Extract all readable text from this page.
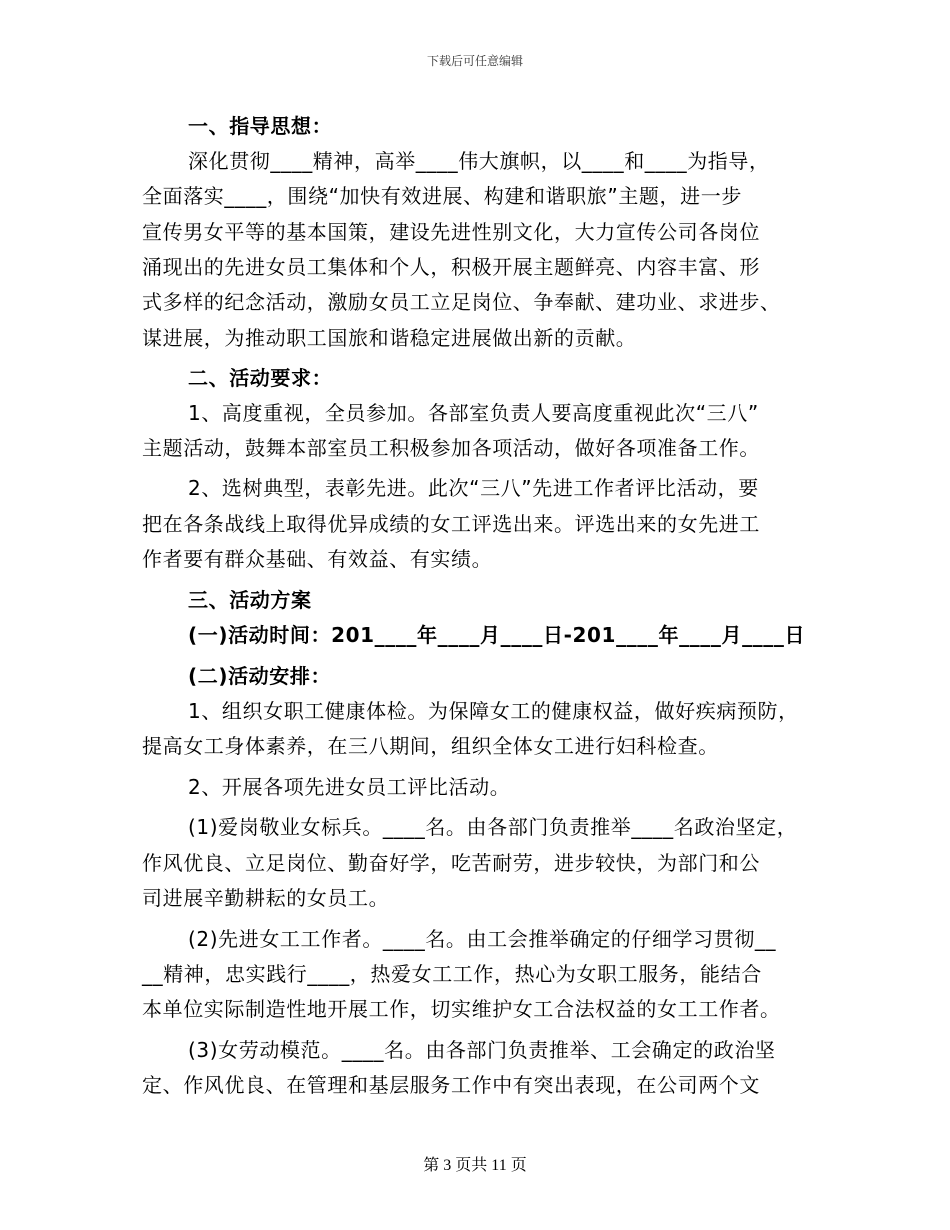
下载后可任意编辑
一、指导思想：
深化贯彻____精神，高举____伟大旗帜，以____和____为指导，
全面落实____，围绕“加快有效进展、构建和谐职旅”主题，进一步
宣传男女平等的基本国策，建设先进性别文化，大力宣传公司各岗位
涌现出的先进女员工集体和个人，积极开展主题鲜亮、内容丰富、形
式多样的纪念活动，激励女员工立足岗位、争奉献、建功业、求进步、
谋进展，为推动职工国旅和谐稳定进展做出新的贡献。
二、活动要求：
1、高度重视，全员参加。各部室负责人要高度重视此次“三八”
主题活动，鼓舞本部室员工积极参加各项活动，做好各项准备工作。
2、选树典型，表彰先进。此次“三八”先进工作者评比活动，要
把在各条战线上取得优异成绩的女工评选出来。评选出来的女先进工
作者要有群众基础、有效益、有实绩。
三、活动方案
(一)活动时间：201____年____月____日-201____年____月____日
(二)活动安排：
1、组织女职工健康体检。为保障女工的健康权益，做好疾病预防，
提高女工身体素养，在三八期间，组织全体女工进行妇科检查。
2、开展各项先进女员工评比活动。
(1)爱岗敬业女标兵。____名。由各部门负责推举____名政治坚定，
作风优良、立足岗位、勤奋好学，吃苦耐劳，进步较快，为部门和公
司进展辛勤耕耘的女员工。
(2)先进女工工作者。____名。由工会推举确定的仔细学习贯彻__
__精神，忠实践行____，热爱女工工作，热心为女职工服务，能结合
本单位实际制造性地开展工作，切实维护女工合法权益的女工工作者。
(3)女劳动模范。____名。由各部门负责推举、工会确定的政治坚
定、作风优良、在管理和基层服务工作中有突出表现，在公司两个文
第 3 页共 11 页
